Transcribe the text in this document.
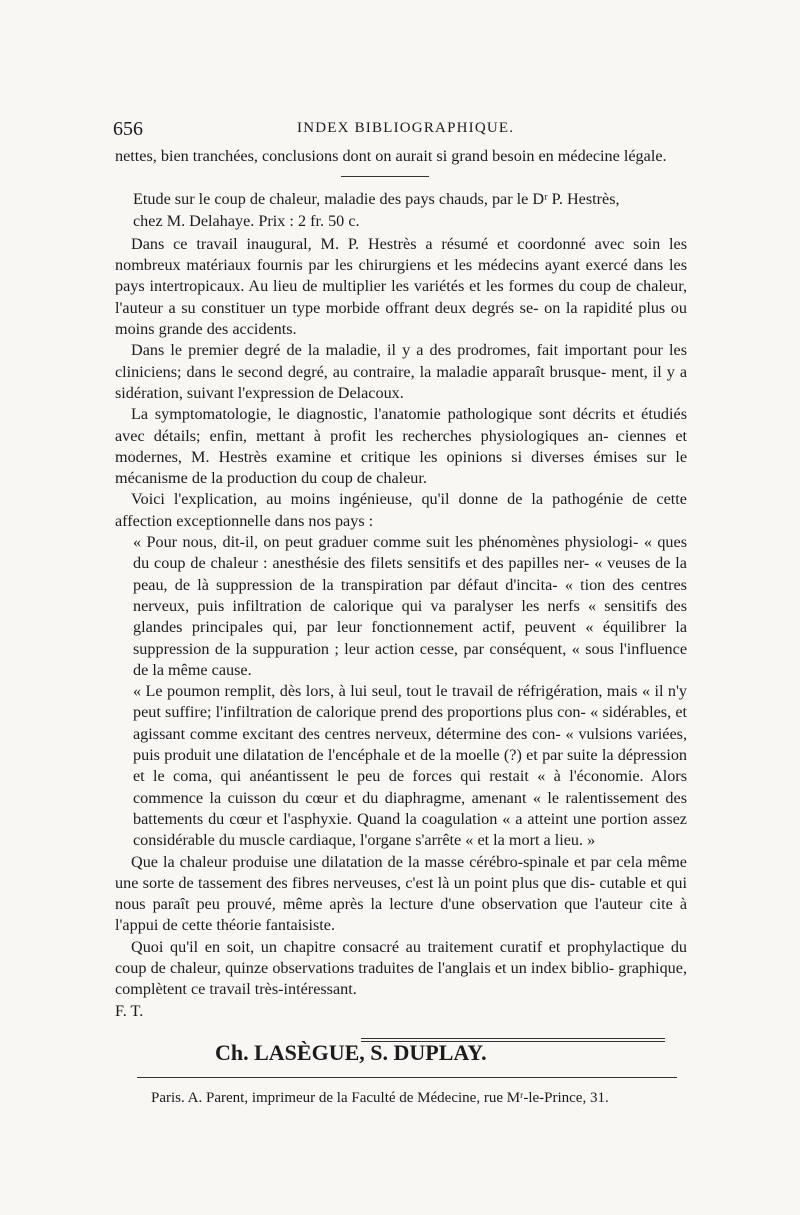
656	INDEX BIBLIOGRAPHIQUE.

nettes, bien tranchées, conclusions dont on aurait si grand besoin en médecine légale.

Etude sur le coup de chaleur, maladie des pays chauds, par le Dʳ P. Hestrès,
chez M. Delahaye. Prix : 2 fr. 50 c.

Dans ce travail inaugural, M. P. Hestrès a résumé et coordonné avec soin les nombreux matériaux fournis par les chirurgiens et les médecins ayant exercé dans les pays intertropicaux. Au lieu de multiplier les variétés et les formes du coup de chaleur, l'auteur a su constituer un type morbide offrant deux degrés se- on la rapidité plus ou moins grande des accidents.

Dans le premier degré de la maladie, il y a des prodromes, fait important pour les cliniciens; dans le second degré, au contraire, la maladie apparaît brusque- ment, il y a sidération, suivant l'expression de Delacoux.

La symptomatologie, le diagnostic, l'anatomie pathologique sont décrits et étudiés avec détails; enfin, mettant à profit les recherches physiologiques an- ciennes et modernes, M. Hestrès examine et critique les opinions si diverses émises sur le mécanisme de la production du coup de chaleur.

Voici l'explication, au moins ingénieuse, qu'il donne de la pathogénie de cette affection exceptionnelle dans nos pays :

« Pour nous, dit-il, on peut graduer comme suit les phénomènes physiologi- « ques du coup de chaleur : anesthésie des filets sensitifs et des papilles ner- « veuses de la peau, de là suppression de la transpiration par défaut d'incita- « tion des centres nerveux, puis infiltration de calorique qui va paralyser les nerfs « sensitifs des glandes principales qui, par leur fonctionnement actif, peuvent « équilibrer la suppression de la suppuration ; leur action cesse, par conséquent, « sous l'influence de la même cause.

« Le poumon remplit, dès lors, à lui seul, tout le travail de réfrigération, mais « il n'y peut suffire; l'infiltration de calorique prend des proportions plus con- « sidérables, et agissant comme excitant des centres nerveux, détermine des con- « vulsions variées, puis produit une dilatation de l'encéphale et de la moelle (?) et par suite la dépression et le coma, qui anéantissent le peu de forces qui restait « à l'économie. Alors commence la cuisson du cœur et du diaphragme, amenant « le ralentissement des battements du cœur et l'asphyxie. Quand la coagulation « a atteint une portion assez considérable du muscle cardiaque, l'organe s'arrête « et la mort a lieu. »

Que la chaleur produise une dilatation de la masse cérébro-spinale et par cela même une sorte de tassement des fibres nerveuses, c'est là un point plus que dis- cutable et qui nous paraît peu prouvé, même après la lecture d'une observation que l'auteur cite à l'appui de cette théorie fantaisiste.

Quoi qu'il en soit, un chapitre consacré au traitement curatif et prophylactique du coup de chaleur, quinze observations traduites de l'anglais et un index biblio- graphique, complètent ce travail très-intéressant.

F. T.

Ch. LASÈGUE, S. DUPLAY.

Paris. A. Parent, imprimeur de la Faculté de Médecine, rue Mʳ-le-Prince, 31.
